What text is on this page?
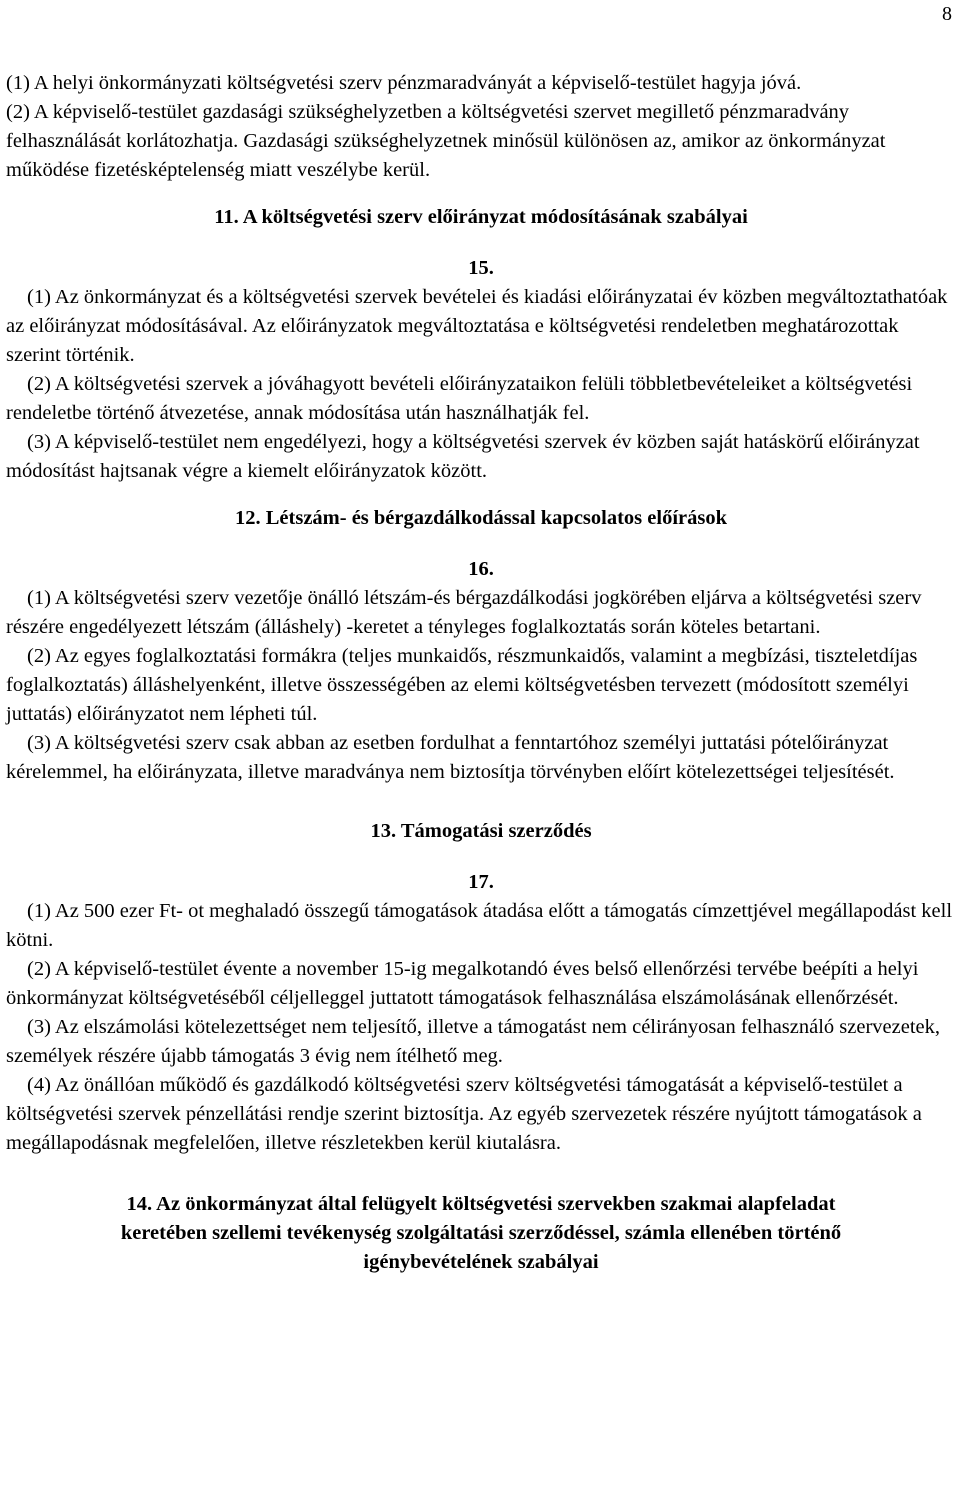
8

(1) A helyi önkormányzati költségvetési szerv pénzmaradványát a képviselő-testület hagyja jóvá.

(2) A képviselő-testület gazdasági szükséghelyzetben a költségvetési szervet megillető pénzmaradvány felhasználását korlátozhatja. Gazdasági szükséghelyzetnek minősül különösen az, amikor az önkormányzat működése fizetésképtelenség miatt veszélybe kerül.

11. A költségvetési szerv előirányzat módosításának szabályai

15.

(1) Az önkormányzat és a költségvetési szervek bevételei és kiadási előirányzatai év közben megváltoztathatóak az előirányzat módosításával. Az előirányzatok megváltoztatása e költségvetési rendeletben meghatározottak szerint történik.

(2) A költségvetési szervek a jóváhagyott bevételi előirányzataikon felüli többletbevételeiket a költségvetési rendeletbe történő átvezetése, annak módosítása után használhatják fel.

(3) A képviselő-testület nem engedélyezi, hogy a költségvetési szervek év közben saját hatáskörű előirányzat módosítást hajtsanak végre a kiemelt előirányzatok között.

12. Létszám- és bérgazdálkodással kapcsolatos előírások

16.

(1) A költségvetési szerv vezetője önálló létszám-és bérgazdálkodási jogkörében eljárva a költségvetési szerv részére engedélyezett létszám (álláshely) -keretet a tényleges foglalkoztatás során köteles betartani.

(2) Az egyes foglalkoztatási formákra (teljes munkaidős, részmunkaidős, valamint a megbízási, tiszteletdíjas foglalkoztatás) álláshelyenként, illetve összességében az elemi költségvetésben tervezett (módosított személyi juttatás) előirányzatot nem lépheti túl.

(3) A költségvetési szerv csak abban az esetben fordulhat a fenntartóhoz személyi juttatási pótelőirányzat kérelemmel, ha előirányzata, illetve maradványa nem biztosítja törvényben előírt kötelezettségei teljesítését.

13. Támogatási szerződés

17.

(1) Az 500 ezer Ft- ot meghaladó összegű támogatások átadása előtt a támogatás címzettjével megállapodást kell kötni.

(2) A képviselő-testület évente a november 15-ig megalkotandó éves belső ellenőrzési tervébe beépíti a helyi önkormányzat költségvetéséből céljelleggel juttatott támogatások felhasználása elszámolásának ellenőrzését.

(3) Az elszámolási kötelezettséget nem teljesítő, illetve a támogatást nem célirányosan felhasználó szervezetek, személyek részére újabb támogatás 3 évig nem ítélhető meg.

(4) Az önállóan működő és gazdálkodó költségvetési szerv költségvetési támogatását a képviselő-testület a költségvetési szervek pénzellátási rendje szerint biztosítja. Az egyéb szervezetek részére nyújtott támogatások a megállapodásnak megfelelően, illetve részletekben kerül kiutalásra.

14. Az önkormányzat által felügyelt költségvetési szervekben szakmai alapfeladat
keretében szellemi tevékenység szolgáltatási szerződéssel, számla ellenében történő
igénybevételének szabályai
